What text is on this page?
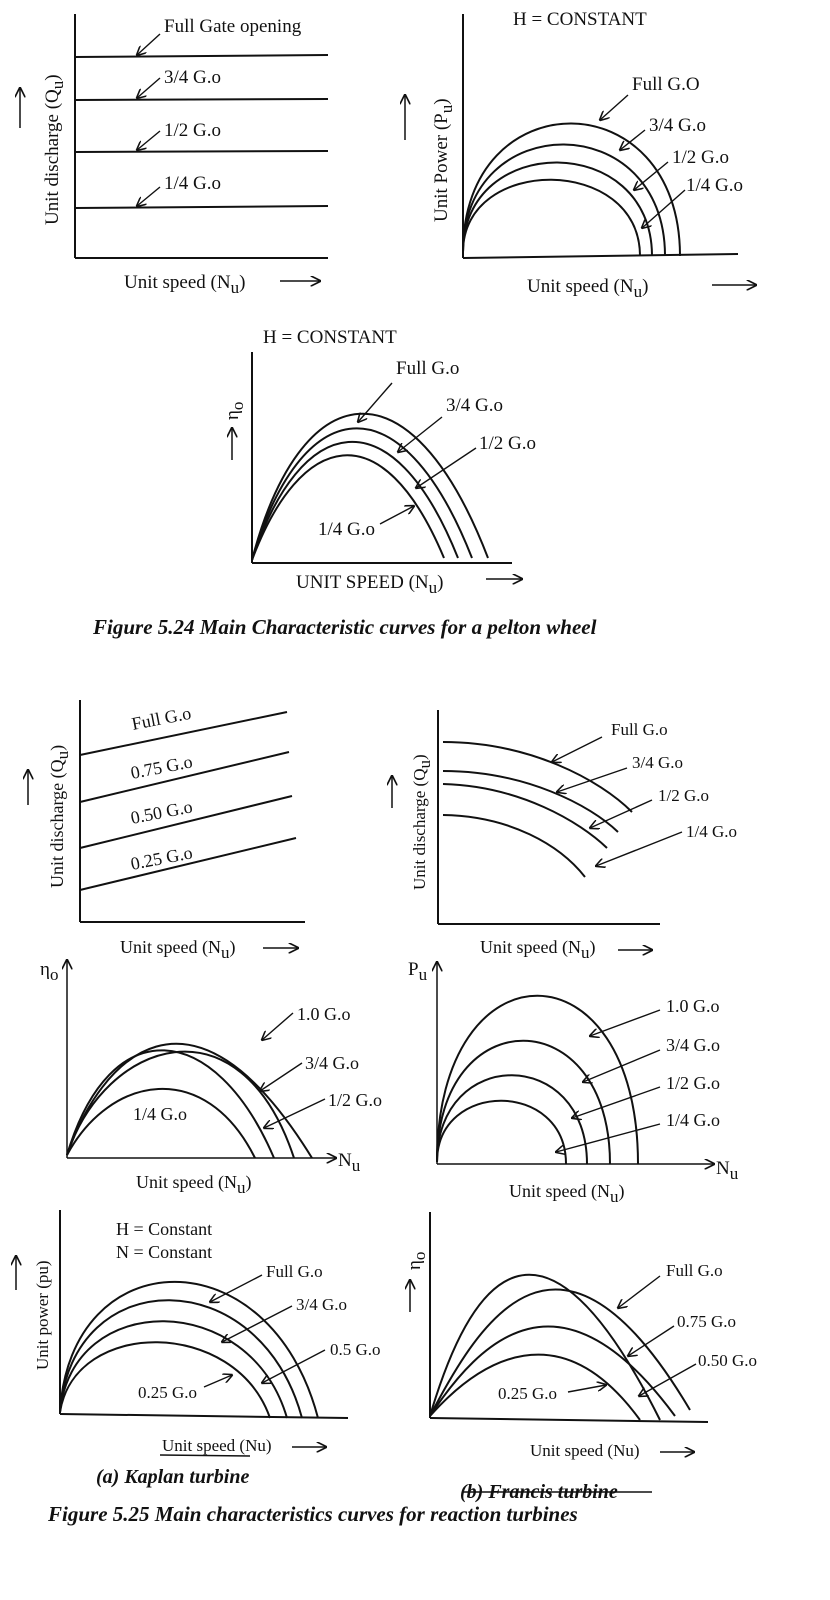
Full Gate opening
3/4 G.o
1/2 G.o
1/4 G.o
Unit discharge (Qu)
Unit speed (Nu)
H = CONSTANT
Full G.O
3/4 G.o
1/2 G.o
1/4 G.o
Unit Power (Pu)
Unit speed (Nu)
H = CONSTANT
Full G.o
3/4 G.o
1/2 G.o
1/4 G.o
ηo
UNIT SPEED (Nu)
Figure 5.24 Main Characteristic curves for a pelton wheel
Full G.o
0.75 G.o
0.50 G.o
0.25 G.o
Unit discharge (Qu)
Unit speed (Nu)
Full G.o
3/4 G.o
1/2 G.o
1/4 G.o
Unit discharge (Qu)
Unit speed (Nu)
ηo
Nu
1.0 G.o
3/4 G.o
1/2 G.o
1/4 G.o
Unit speed (Nu)
Pu
Nu
1.0 G.o
3/4 G.o
1/2 G.o
1/4 G.o
Unit speed (Nu)
H = Constant
N = Constant
Full G.o
3/4 G.o
0.5 G.o
0.25 G.o
Unit power (pu)
Unit speed (Nu)
Full G.o
0.75 G.o
0.50 G.o
0.25 G.o
ηo
Unit speed (Nu)
(a) Kaplan turbine
(b) Francis turbine
Figure 5.25 Main characteristics curves for reaction turbines
